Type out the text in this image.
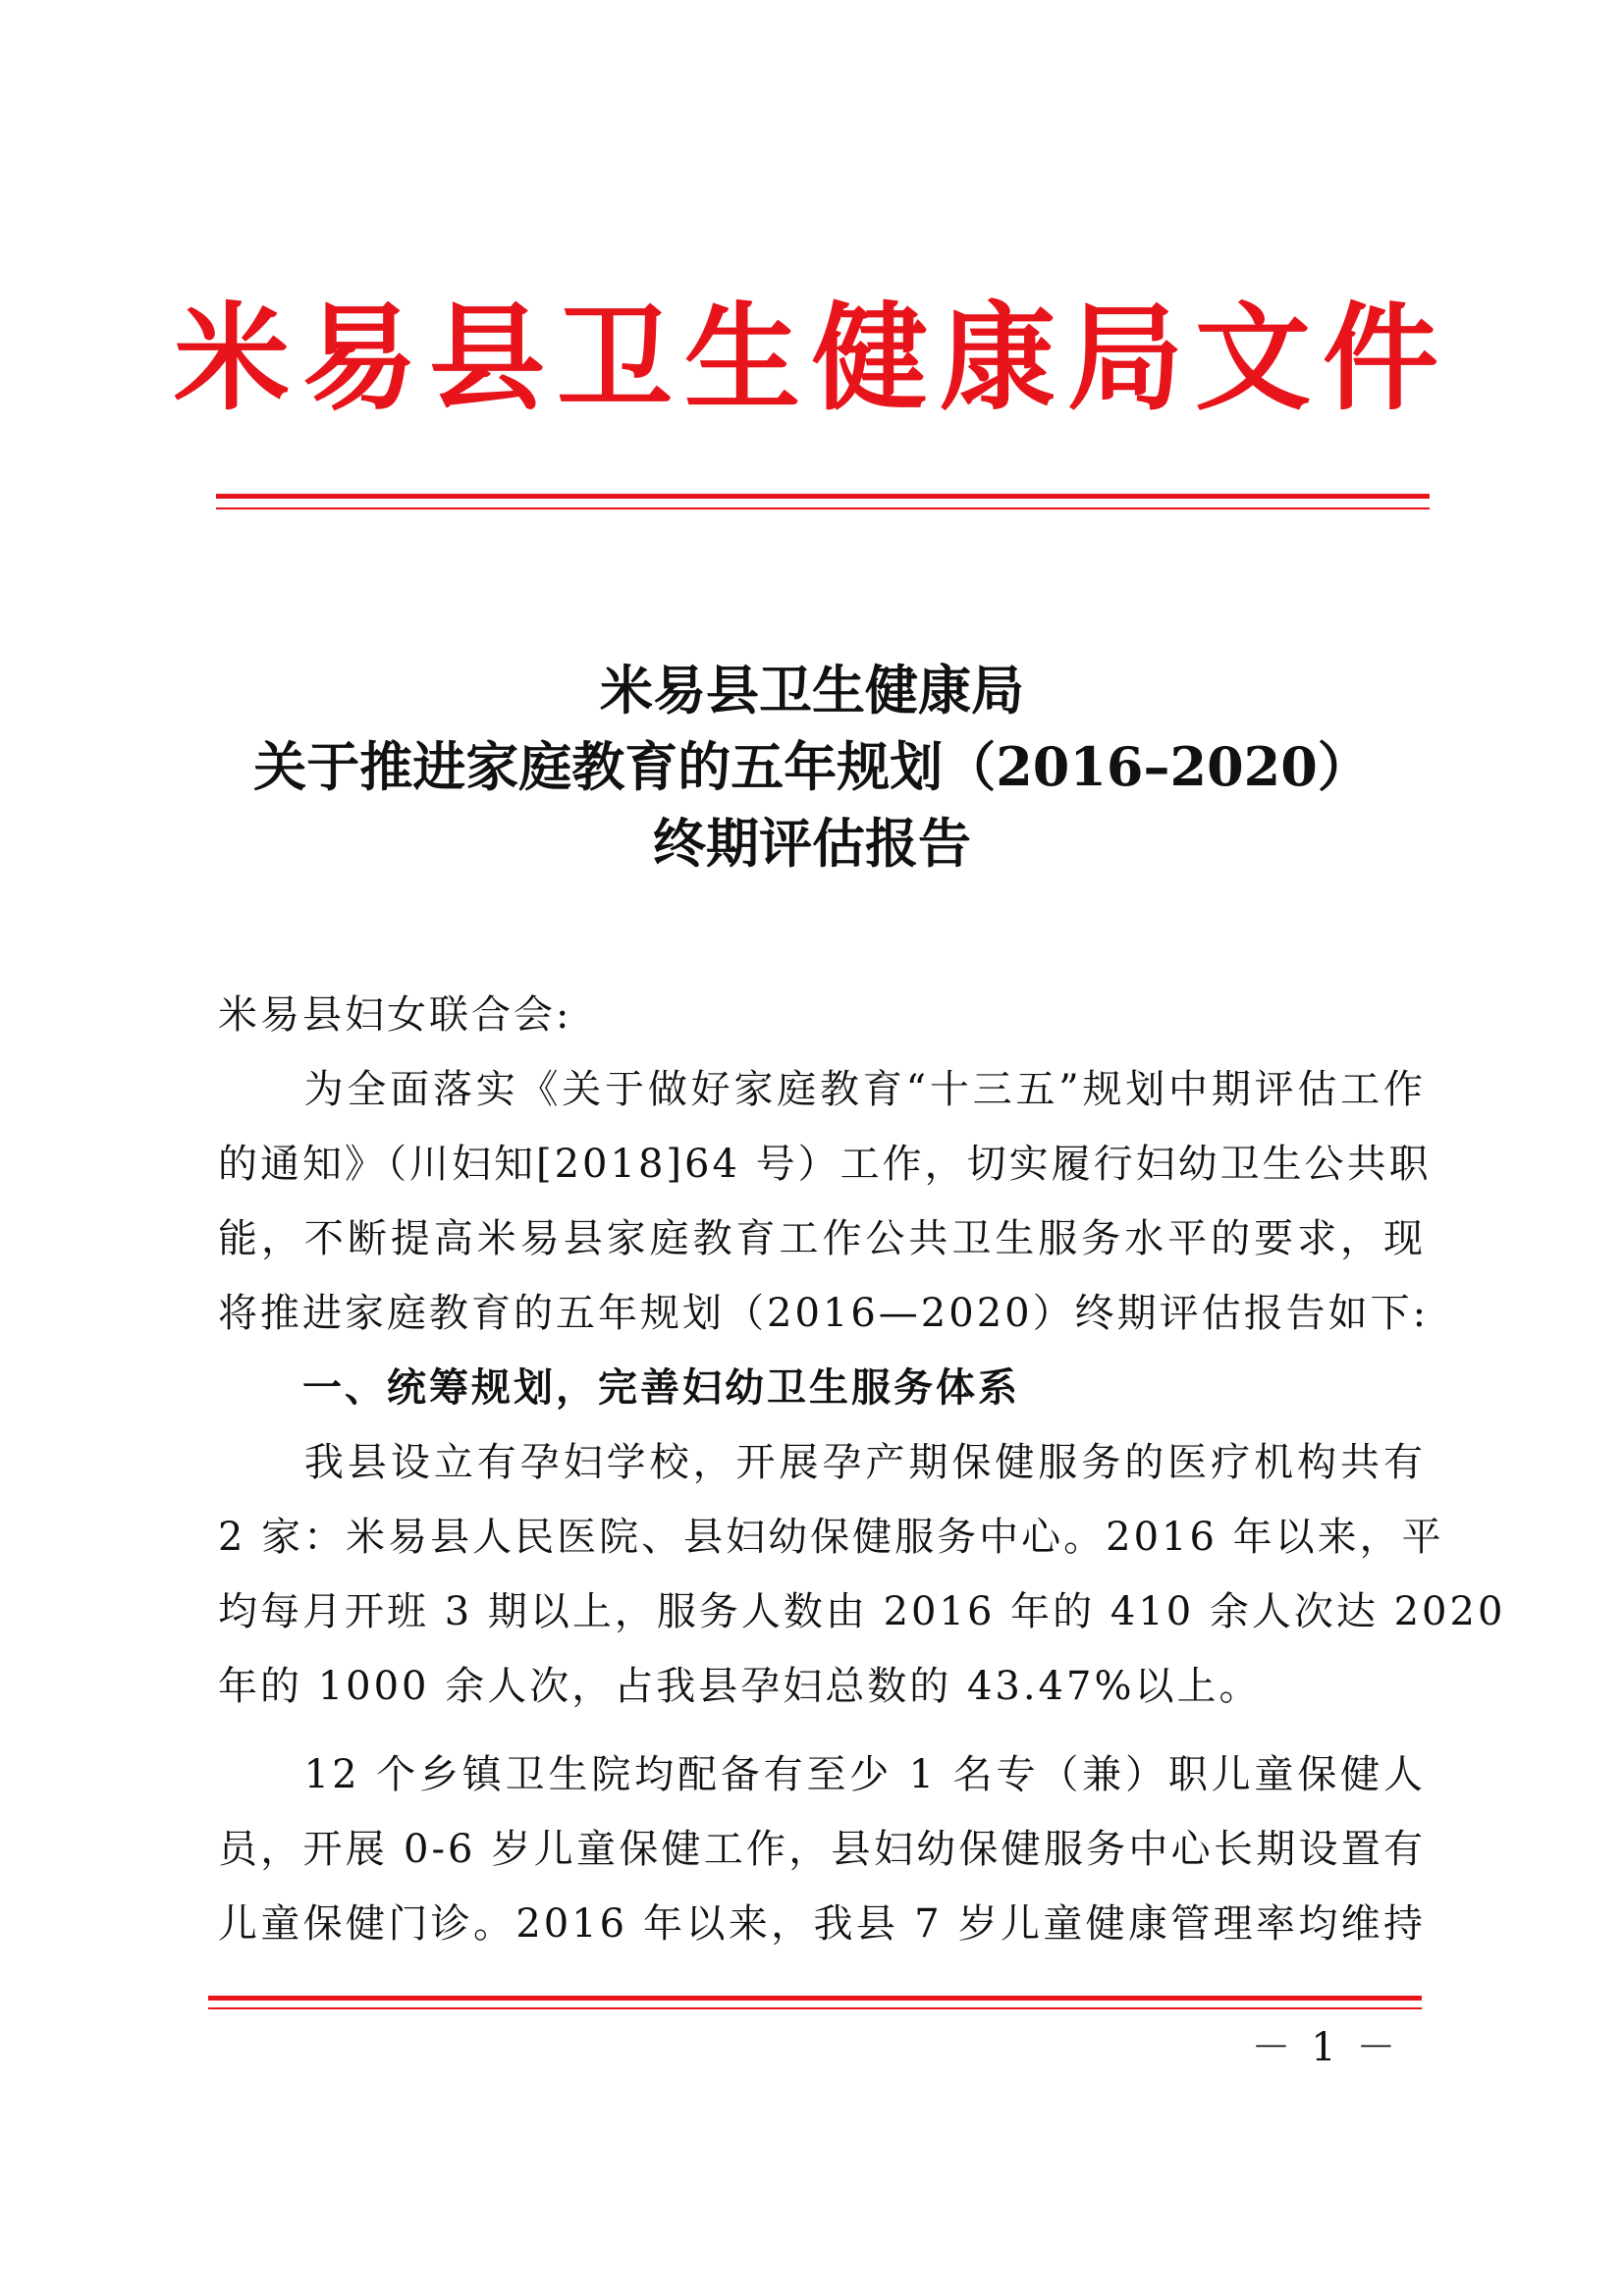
米易县卫生健康局文件
米易县卫生健康局
关于推进家庭教育的五年规划（2016–2020）
终期评估报告
米易县妇女联合会:
　　为全面落实《关于做好家庭教育“十三五”规划中期评估工作
的通知》（川妇知[2018]64 号）工作，切实履行妇幼卫生公共职
能，不断提高米易县家庭教育工作公共卫生服务水平的要求，现
将推进家庭教育的五年规划（2016—2020）终期评估报告如下:
　　一、统筹规划，完善妇幼卫生服务体系
　　我县设立有孕妇学校，开展孕产期保健服务的医疗机构共有
2 家：米易县人民医院、县妇幼保健服务中心。2016 年以来，平
均每月开班 3 期以上，服务人数由 2016 年的 410 余人次达 2020
年的 1000 余人次，占我县孕妇总数的 43.47%以上。
　　12 个乡镇卫生院均配备有至少 1 名专（兼）职儿童保健人
员，开展 0-6 岁儿童保健工作，县妇幼保健服务中心长期设置有
儿童保健门诊。2016 年以来，我县 7 岁儿童健康管理率均维持
－ 1 －
